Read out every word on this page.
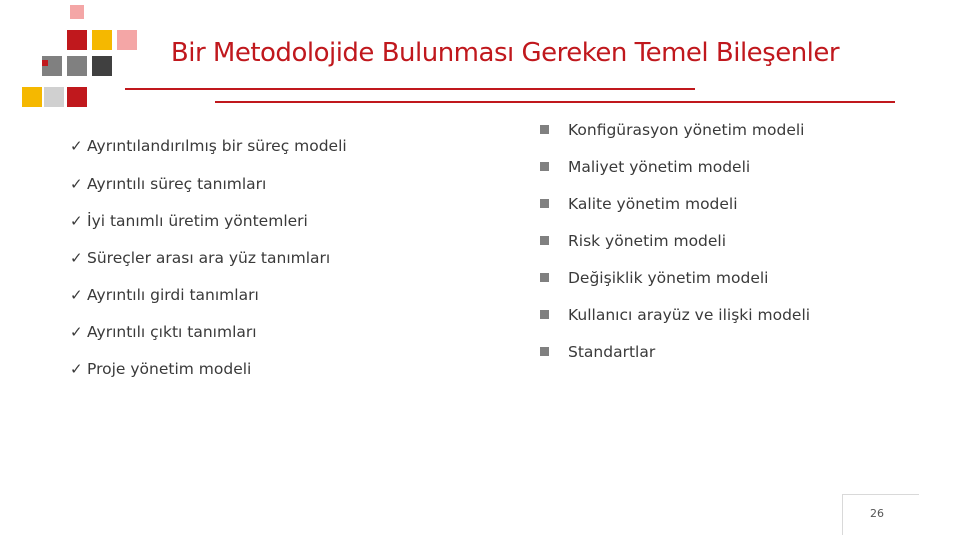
Bir Metodolojide Bulunması Gereken Temel Bileşenler
✓ Ayrıntılandırılmış bir süreç modeli
✓ Ayrıntılı süreç tanımları
✓ İyi tanımlı üretim yöntemleri
✓ Süreçler arası ara yüz tanımları
✓ Ayrıntılı girdi tanımları
✓ Ayrıntılı çıktı tanımları
✓ Proje yönetim modeli
Konfigürasyon yönetim modeli
Maliyet yönetim modeli
Kalite yönetim modeli
Risk yönetim modeli
Değişiklik yönetim modeli
Kullanıcı arayüz ve ilişki modeli
Standartlar
26
